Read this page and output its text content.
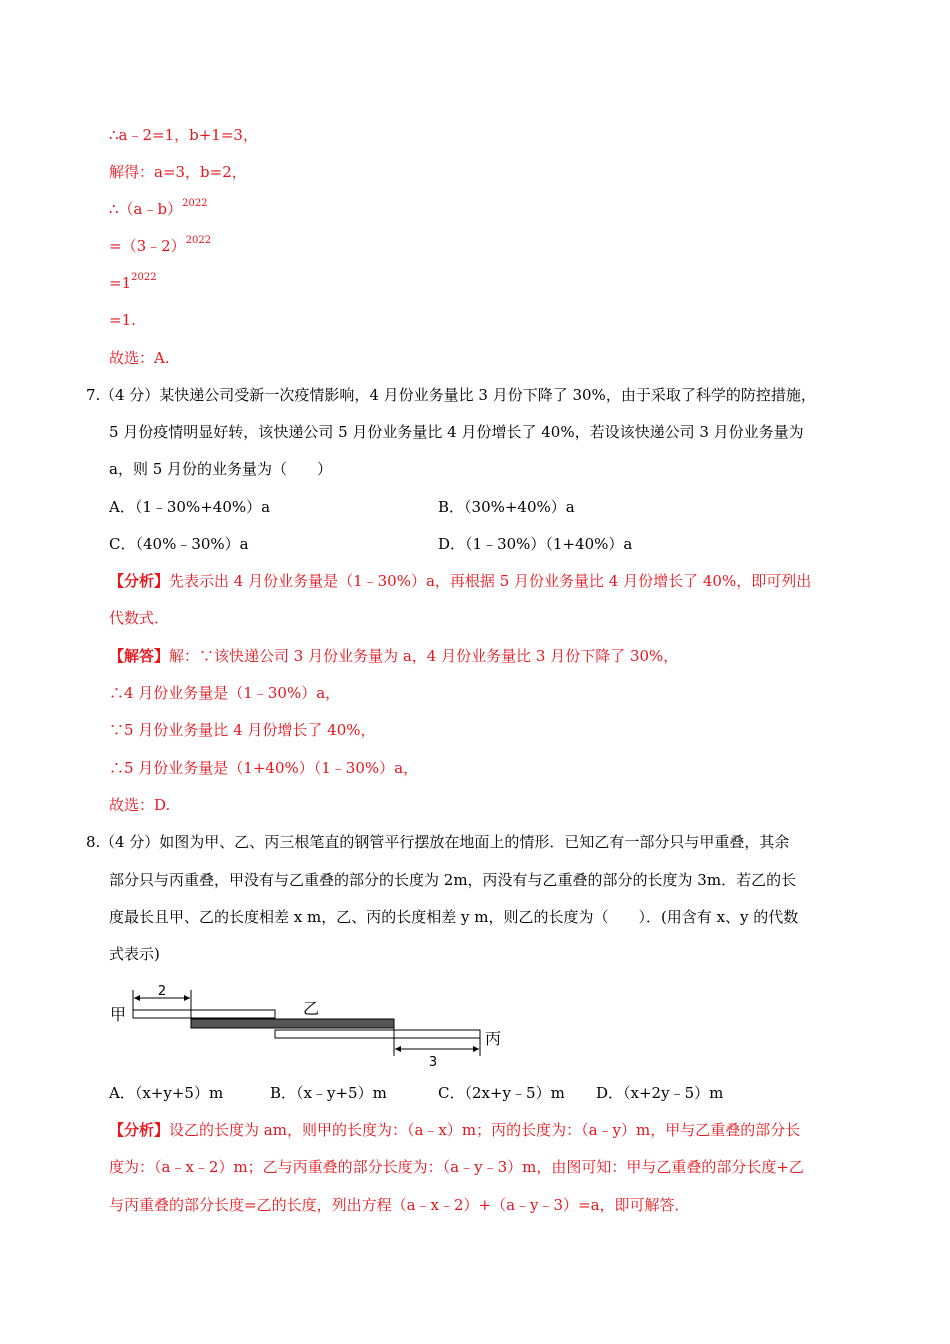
∴a﹣2=1，b+1=3，
解得：a=3，b=2，
∴（a﹣b）$^{2022}$
=（3﹣2）$^{2022}$
$=1^{2022}$
=1.
故选：A.
7. （4 分）某快递公司受新一次疫情影响，4 月份业务量比 3 月份下降了 30%，由于采取了科学的防控措施，
5 月份疫情明显好转，该快递公司 5 月份业务量比 4 月份增长了 40%，若设该快递公司 3 月份业务量为
a，则 5 月份的业务量为（　　）
A．（1﹣30%+40%）a	B．（30%+40%）a
C．（40%﹣30%）a	D．（1﹣30%）（1+40%）a
【分析】先表示出 4 月份业务量是（1﹣30%）a，再根据 5 月份业务量比 4 月份增长了 40%，即可列出
代数式．
【解答】解：∵该快递公司 3 月份业务量为 a，4 月份业务量比 3 月份下降了 30%，
∴4 月份业务量是（1﹣30%）a，
∵5 月份业务量比 4 月份增长了 40%，
∴5 月份业务量是（1+40%）（1﹣30%）a，
故选：D.
8. （4 分）如图为甲、乙、丙三根笔直的钢管平行摆放在地面上的情形．已知乙有一部分只与甲重叠，其余
部分只与丙重叠，甲没有与乙重叠的部分的长度为 2m，丙没有与乙重叠的部分的长度为 3m．若乙的长
度最长且甲、乙的长度相差 x m，乙、丙的长度相差 y m，则乙的长度为（　　）．(用含有 x、y 的代数
式表示)
2
3
甲	乙
丙
A．（x+y+5）m	B．（x﹣y+5）m	C．（2x+y﹣5）m D．（x+2y﹣5）m
【分析】设乙的长度为 am，则甲的长度为：（a﹣x）m；丙的长度为：（a﹣y）m，甲与乙重叠的部分长
度为：（a﹣x﹣2）m；乙与丙重叠的部分长度为：（a﹣y﹣3）m，由图可知：甲与乙重叠的部分长度+乙
与丙重叠的部分长度=乙的长度，列出方程（a﹣x﹣2）+（a﹣y﹣3）=a，即可解答．
